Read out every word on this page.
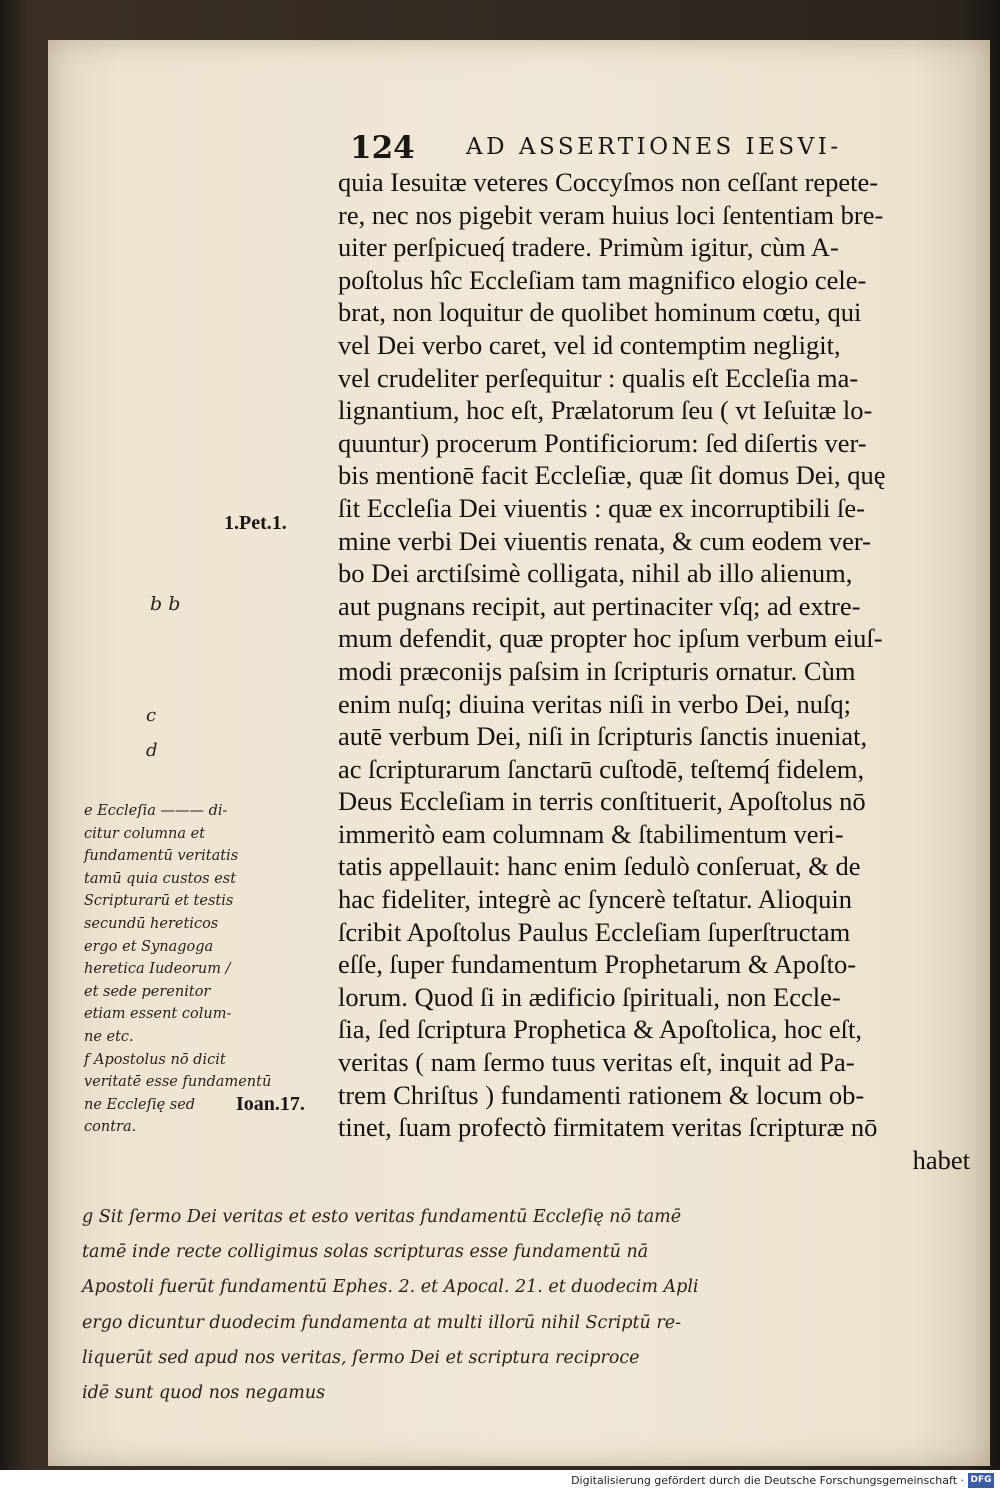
124 AD ASSERTIONES IESVI-
quia Iesuitæ veteres Coccyſmos non ceſſant repete-
re, nec nos pigebit veram huius loci ſententiam bre-
uiter perſpicueq́ tradere. Primùm igitur, cùm A-
poſtolus hîc Eccleſiam tam magnifico elogio cele-
brat, non loquitur de quolibet hominum cœtu, qui
vel Dei verbo caret, vel id contemptim negligit,
vel crudeliter perſequitur : qualis eſt Eccleſia ma-
lignantium, hoc eſt, Prælatorum ſeu ( vt Ieſuitæ lo-
quuntur) procerum Pontificiorum: ſed diſertis ver-
bis mentionē facit Eccleſiæ, quæ ſit domus Dei, quę
ſit Eccleſia Dei viuentis : quæ ex incorruptibili ſe-
mine verbi Dei viuentis renata, & cum eodem ver-
bo Dei arctiſsimè colligata, nihil ab illo alienum,
aut pugnans recipit, aut pertinaciter vſq; ad extre-
mum defendit, quæ propter hoc ipſum verbum eiuſ-
modi præconijs paſsim in ſcripturis ornatur. Cùm
enim nuſq; diuina veritas niſi in verbo Dei, nuſq;
autē verbum Dei, niſi in ſcripturis ſanctis inueniat,
ac ſcripturarum ſanctarū cuſtodē, teſtemq́ fidelem,
Deus Eccleſiam in terris conſtituerit, Apoſtolus nō
immeritò eam columnam & ſtabilimentum veri-
tatis appellauit: hanc enim ſedulò conſeruat, & de
hac fideliter, integrè ac ſyncerè teſtatur. Alioquin
ſcribit Apoſtolus Paulus Eccleſiam ſuperſtructam
eſſe, ſuper fundamentum Prophetarum & Apoſto-
lorum. Quod ſi in ædificio ſpirituali, non Eccle-
ſia, ſed ſcriptura Prophetica & Apoſtolica, hoc eſt,
veritas ( nam ſermo tuus veritas eſt, inquit ad Pa-
trem Chriſtus ) fundamenti rationem & locum ob-
tinet, ſuam profectò firmitatem veritas ſcripturæ nō
habet
1.Pet.1.
Ioan.17.
b b
c
d
e Eccleſia ——— di-
citur columna et
fundamentū veritatis
tamū quia custos est
Scripturarū et testis
secundū hereticos
ergo et Synagoga
heretica Iudeorum /
et sede perenitor
etiam essent colum-
ne etc.
f Apostolus nō dicit
veritatē esse fundamentū
ne Eccleſię sed
contra.
g Sit ſermo Dei veritas et esto veritas fundamentū Eccleſię nō tamē
tamē inde recte colligimus solas scripturas esse fundamentū nā
Apostoli fuerūt fundamentū Ephes. 2. et Apocal. 21. et duodecim Apli
ergo dicuntur duodecim fundamenta at multi illorū nihil Scriptū re-
liquerūt sed apud nos veritas, ſermo Dei et scriptura reciproce
idē sunt quod nos negamus
Digitalisierung gefördert durch die Deutsche Forschungsgemeinschaft · DFG
